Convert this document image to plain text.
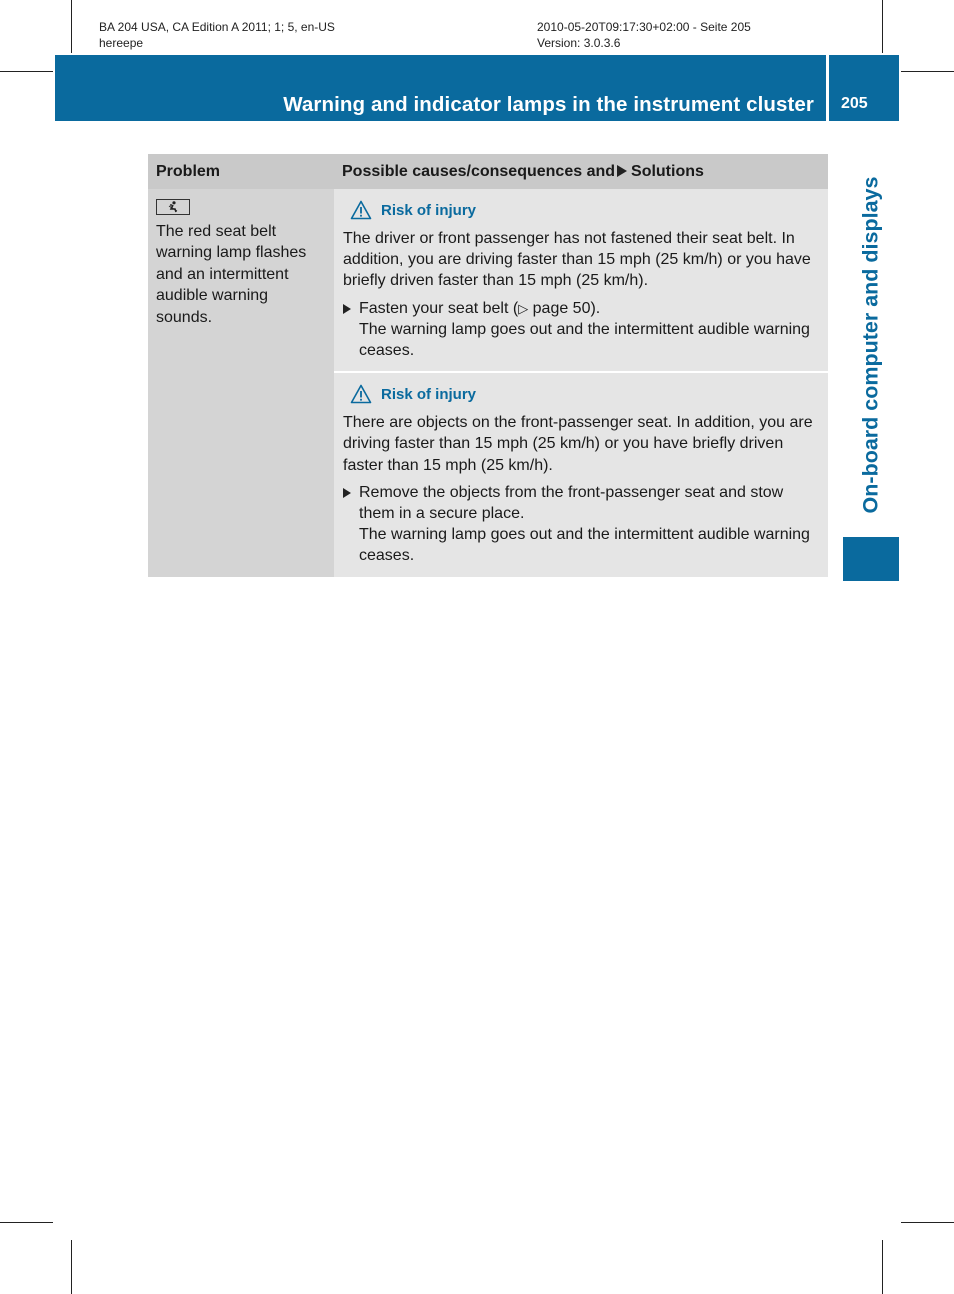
BA 204 USA, CA Edition A 2011; 1; 5, en-US
hereepe
2010-05-20T09:17:30+02:00 - Seite 205
Version: 3.0.3.6
Warning and indicator lamps in the instrument cluster 205
On-board computer and displays
Problem	Possible causes/consequences and Solutions
The red seat belt warning lamp flashes and an intermittent audible warning sounds.
Risk of injury

The driver or front passenger has not fastened their seat belt. In addition, you are driving faster than 15 mph (25 km/h) or you have briefly driven faster than 15 mph (25 km/h).

Fasten your seat belt (▷ page 50).
The warning lamp goes out and the intermittent audible warning ceases.
Risk of injury

There are objects on the front-passenger seat. In addition, you are driving faster than 15 mph (25 km/h) or you have briefly driven faster than 15 mph (25 km/h).

Remove the objects from the front-passenger seat and stow them in a secure place.
The warning lamp goes out and the intermittent audible warning ceases.
